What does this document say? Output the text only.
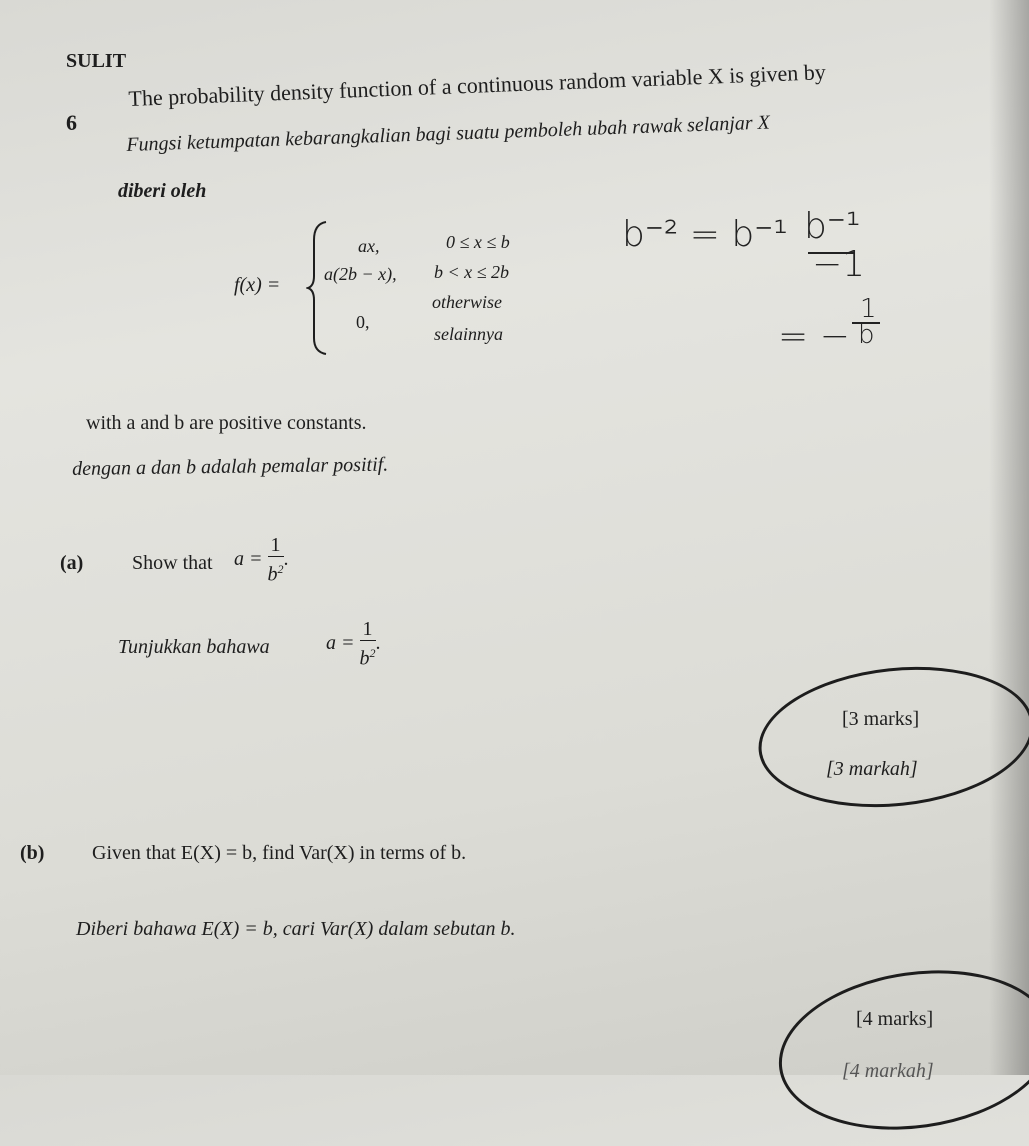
SULIT
6
The probability density function of a continuous random variable X is given by
Fungsi ketumpatan kebarangkalian bagi suatu pemboleh ubah rawak selanjar X
diberi oleh
f(x) =
ax,	0 ≤ x ≤ b
a(2b − x), b < x ≤ 2b
otherwise
0,
selainnya
b⁻² = b⁻¹ b⁻¹
−1
= −
1
b
with a and b are positive constants.
dengan a dan b adalah pemalar positif.
(a) Show that $a = \frac{1}{b^2}$ .
Tunjukkan bahawa	$a = \frac{1}{b^2}$ .
[3 marks]
[3 markah]
(b) Given that E(X) = b, find Var(X) in terms of b.
Diberi bahawa E(X) = b, cari Var(X) dalam sebutan b.
[4 marks]
[4 markah]
